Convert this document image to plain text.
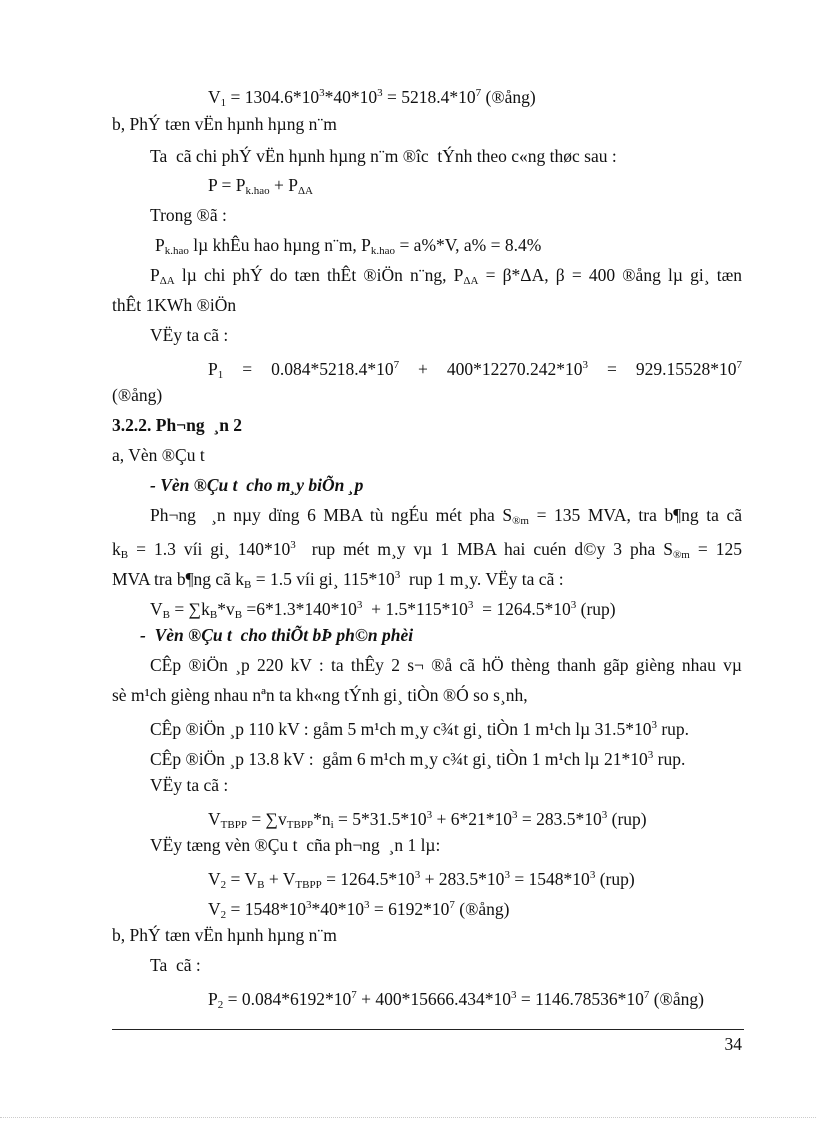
$V_1 = 1304.6*10^3*40*10^3 = 5218.4*10^7$ (®ång)
b, PhÝ tæn vËn hµnh hµng n¨m
Ta  cã chi phÝ vËn hµnh hµng n¨m ®îc  tÝnh theo c«ng thøc sau :
$P = P_{k.hao} + P_{\Delta A}$
Trong ®ã :
$P_{k.hao}$ lµ khÊu hao hµng n¨m, $P_{k.hao} = a\%*V$, a% = 8.4%
$P_{\Delta A}$ lµ chi phÝ do tæn thÊt ®iÖn n¨ng, $P_{\Delta A} = \beta*\Delta A$, β = 400 ®ång lµ gi¸ tæn
thÊt 1KWh ®iÖn
VËy ta cã :
$P_1 = 0.084*5218.4*10^7 + 400*12270.242*10^3 = 929.15528*10^7$
(®ång)
3.2.2. Ph¬ng  ¸n 2
a, Vèn ®Çu t
- Vèn ®Çu t  cho m¸y biÕn ¸p
Ph¬ng  ¸n nµy dïng 6 MBA tù ngÉu mét pha $S_{®m} = 135$ MVA, tra b¶ng ta cã
$k_B = 1.3$ víi gi¸ $140*10^3$  rup mét m¸y vµ 1 MBA hai cuén d©y 3 pha $S_{®m} = 125$
MVA tra b¶ng cã $k_B = 1.5$ víi gi¸ $115*10^3$  rup 1 m¸y. VËy ta cã :
$V_B = \sum k_B*v_B =6*1.3*140*10^3 + 1.5*115*10^3 = 1264.5*10^3$ (rup)
-  Vèn ®Çu t  cho thiÕt bÞ ph©n phèi
CÊp ®iÖn ¸p 220 kV : ta thÊy 2 s¬ ®å cã hÖ thèng thanh gãp gièng nhau vµ
sè m¹ch gièng nhau nªn ta kh«ng tÝnh gi¸ tiÒn ®Ó so s¸nh,
CÊp ®iÖn ¸p 110 kV : gåm 5 m¹ch m¸y c¾t gi¸ tiÒn 1 m¹ch lµ $31.5*10^3$ rup.
CÊp ®iÖn ¸p 13.8 kV :  gåm 6 m¹ch m¸y c¾t gi¸ tiÒn 1 m¹ch lµ $21*10^3$ rup.
VËy ta cã :
$V_{TBPP} = \sum v_{TBPP}*n_i = 5*31.5*10^3 + 6*21*10^3 = 283.5*10^3$ (rup)
VËy tæng vèn ®Çu t  cña ph¬ng  ¸n 1 lµ:
$V_2 = V_B + V_{TBPP} = 1264.5*10^3 + 283.5*10^3 = 1548*10^3$ (rup)
$V_2 = 1548*10^3*40*10^3 = 6192*10^7$ (®ång)
b, PhÝ tæn vËn hµnh hµng n¨m
Ta  cã :
$P_2 = 0.084*6192*10^7 + 400*15666.434*10^3 = 1146.78536*10^7$ (®ång)
34
